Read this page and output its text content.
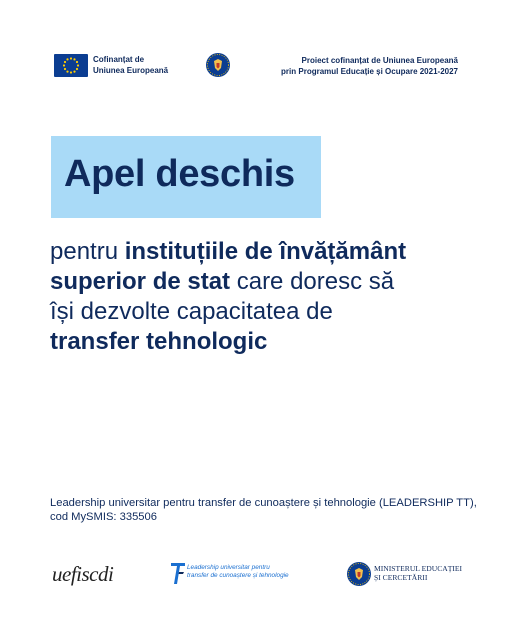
Cofinanțat de
Uniunea Europeană
Proiect cofinanțat de Uniunea Europeană
prin Programul Educație și Ocupare 2021-2027
Apel deschis
pentru instituțiile de învățământ
superior de stat care doresc să
își dezvolte capacitatea de
transfer tehnologic
Leadership universitar pentru transfer de cunoaștere și tehnologie (LEADERSHIP TT),
cod MySMIS: 335506
uefiscdi	Leadership universitar pentru
transfer de cunoaștere și tehnologie
MINISTERUL EDUCAȚIEI
ȘI CERCETĂRII
